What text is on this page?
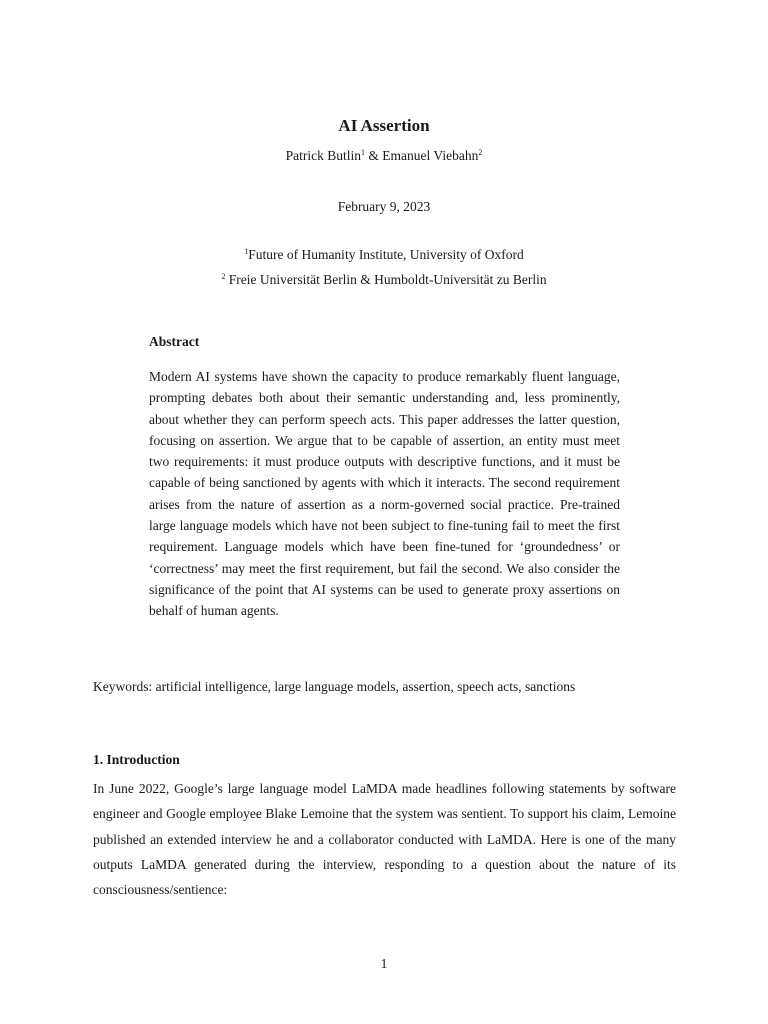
AI Assertion
Patrick Butlin$^1$ & Emanuel Viebahn$^2$
February 9, 2023
$^1$Future of Humanity Institute, University of Oxford
$^2$ Freie Universität Berlin & Humboldt-Universität zu Berlin
Abstract

Modern AI systems have shown the capacity to produce remarkably fluent language, prompting debates both about their semantic understanding and, less prominently, about whether they can perform speech acts. This paper addresses the latter question, focusing on assertion. We argue that to be capable of assertion, an entity must meet two requirements: it must produce outputs with descriptive functions, and it must be capable of being sanctioned by agents with which it interacts. The second requirement arises from the nature of assertion as a norm-governed social practice. Pre-trained large language models which have not been subject to fine-tuning fail to meet the first requirement. Language models which have been fine-tuned for ‘groundedness’ or ‘correctness’ may meet the first requirement, but fail the second. We also consider the significance of the point that AI systems can be used to generate proxy assertions on behalf of human agents.

Keywords: artificial intelligence, large language models, assertion, speech acts, sanctions

1. Introduction

In June 2022, Google’s large language model LaMDA made headlines following statements by software engineer and Google employee Blake Lemoine that the system was sentient. To support his claim, Lemoine published an extended interview he and a collaborator conducted with LaMDA. Here is one of the many outputs LaMDA generated during the interview, responding to a question about the nature of its consciousness/sentience:

1
